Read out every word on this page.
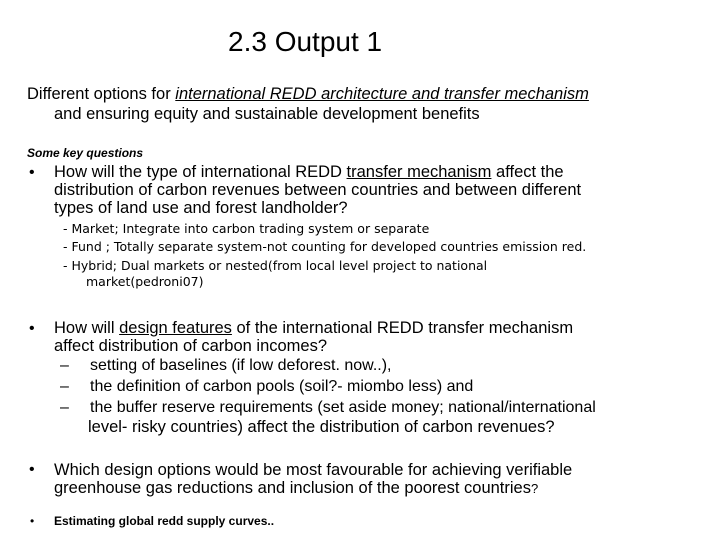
2.3 Output 1
Different options for international REDD architecture and transfer mechanism
and ensuring equity and sustainable development benefits
Some key questions
• How will the type of international REDD transfer mechanism affect the
distribution of carbon revenues between countries and between different
types of land use and forest landholder?
- Market; Integrate into carbon trading system or separate
- Fund ; Totally separate system-not counting for developed countries emission red.
- Hybrid; Dual markets or nested(from local level project to national
market(pedroni07)
• How will design features of the international REDD transfer mechanism
affect distribution of carbon incomes?
– setting of baselines (if low deforest. now..),
– the definition of carbon pools (soil?- miombo less) and
– the buffer reserve requirements (set aside money; national/international
level- risky countries) affect the distribution of carbon revenues?
• Which design options would be most favourable for achieving verifiable
greenhouse gas reductions and inclusion of the poorest countries?
• Estimating global redd supply curves..
